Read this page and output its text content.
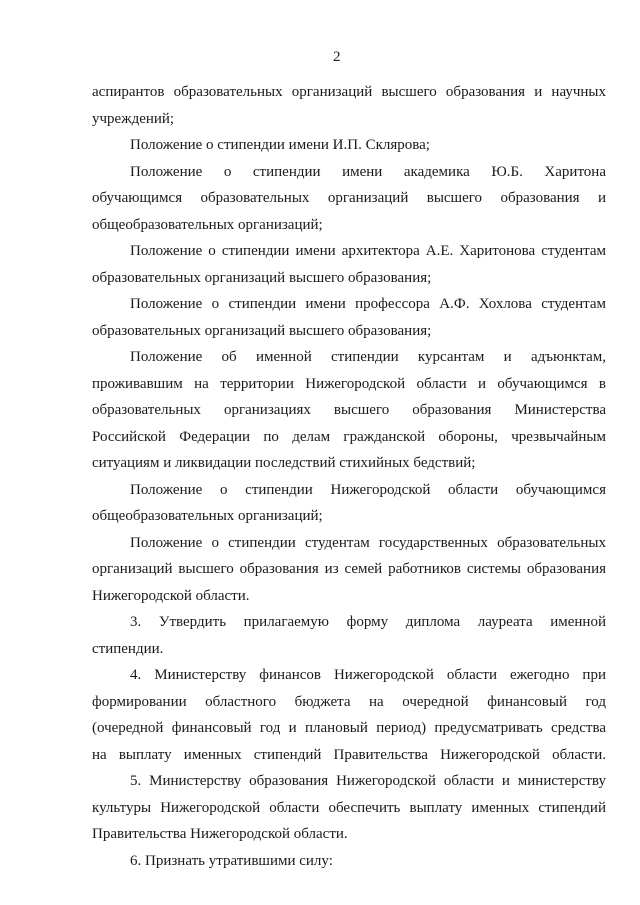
2
аспирантов образовательных организаций высшего образования и научных
учреждений;
Положение о стипендии имени И.П. Склярова;
Положение о стипендии имени академика Ю.Б. Харитона
обучающимся образовательных организаций высшего образования и
общеобразовательных организаций;
Положение о стипендии имени архитектора А.Е. Харитонова студентам
образовательных организаций высшего образования;
Положение о стипендии имени профессора А.Ф. Хохлова студентам
образовательных организаций высшего образования;
Положение об именной стипендии курсантам и адъюнктам,
проживавшим на территории Нижегородской области и обучающимся в
образовательных организациях высшего образования Министерства
Российской Федерации по делам гражданской обороны, чрезвычайным
ситуациям и ликвидации последствий стихийных бедствий;
Положение о стипендии Нижегородской области обучающимся
общеобразовательных организаций;
Положение о стипендии студентам государственных образовательных
организаций высшего образования из семей работников системы образования
Нижегородской области.
3. Утвердить прилагаемую форму диплома лауреата именной
стипендии.
4. Министерству финансов Нижегородской области ежегодно при
формировании областного бюджета на очередной финансовый год
(очередной финансовый год и плановый период) предусматривать средства
на выплату именных стипендий Правительства Нижегородской области.
5. Министерству образования Нижегородской области и министерству
культуры Нижегородской области обеспечить выплату именных стипендий
Правительства Нижегородской области.
6. Признать утратившими силу:
